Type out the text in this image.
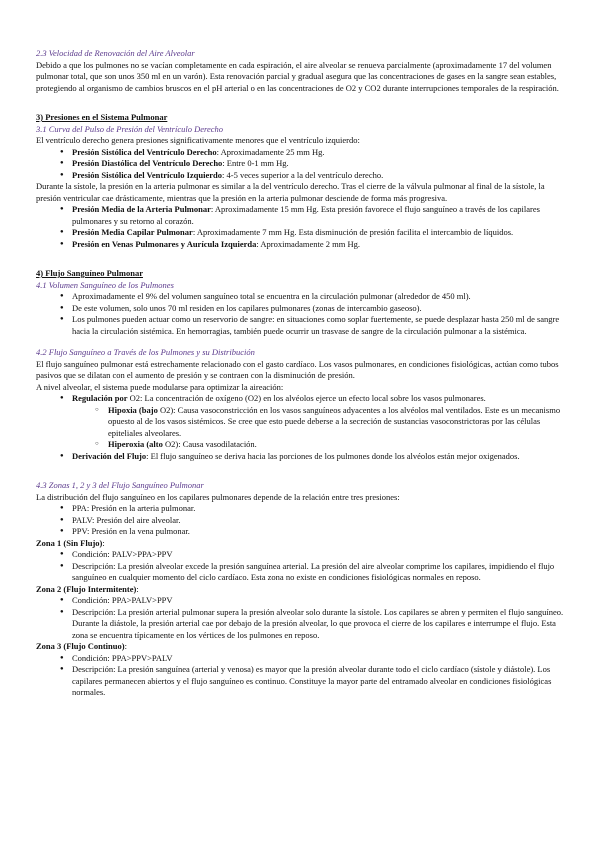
2.3 Velocidad de Renovación del Aire Alveolar

Debido a que los pulmones no se vacían completamente en cada espiración, el aire alveolar se renueva parcialmente (aproximadamente 17 del volumen pulmonar total, que son unos 350 ml en un varón). Esta renovación parcial y gradual asegura que las concentraciones de gases en la sangre sean estables, protegiendo al organismo de cambios bruscos en el pH arterial o en las concentraciones de O2 y CO2 durante interrupciones temporales de la respiración.

3) Presiones en el Sistema Pulmonar

3.1 Curva del Pulso de Presión del Ventrículo Derecho

El ventrículo derecho genera presiones significativamente menores que el ventrículo izquierdo:

● Presión Sistólica del Ventrículo Derecho: Aproximadamente 25 mm Hg.
● Presión Diastólica del Ventrículo Derecho: Entre 0-1 mm Hg.
● Presión Sistólica del Ventrículo Izquierdo: 4-5 veces superior a la del ventrículo derecho.

Durante la sístole, la presión en la arteria pulmonar es similar a la del ventrículo derecho. Tras el cierre de la válvula pulmonar al final de la sístole, la presión ventricular cae drásticamente, mientras que la presión en la arteria pulmonar desciende de forma más progresiva.

● Presión Media de la Arteria Pulmonar: Aproximadamente 15 mm Hg. Esta presión favorece el flujo sanguíneo a través de los capilares pulmonares y su retorno al corazón.
● Presión Media Capilar Pulmonar: Aproximadamente 7 mm Hg. Esta disminución de presión facilita el intercambio de líquidos.
● Presión en Venas Pulmonares y Aurícula Izquierda: Aproximadamente 2 mm Hg.

4) Flujo Sanguíneo Pulmonar

4.1 Volumen Sanguíneo de los Pulmones

● Aproximadamente el 9% del volumen sanguíneo total se encuentra en la circulación pulmonar (alrededor de 450 ml).
● De este volumen, solo unos 70 ml residen en los capilares pulmonares (zonas de intercambio gaseoso).
● Los pulmones pueden actuar como un reservorio de sangre: en situaciones como soplar fuertemente, se puede desplazar hasta 250 ml de sangre hacia la circulación sistémica. En hemorragias, también puede ocurrir un trasvase de sangre de la circulación pulmonar a la sistémica.

4.2 Flujo Sanguíneo a Través de los Pulmones y su Distribución

El flujo sanguíneo pulmonar está estrechamente relacionado con el gasto cardíaco. Los vasos pulmonares, en condiciones fisiológicas, actúan como tubos pasivos que se dilatan con el aumento de presión y se contraen con la disminución de presión.

A nivel alveolar, el sistema puede modularse para optimizar la aireación:

● Regulación por O2: La concentración de oxígeno (O2) en los alvéolos ejerce un efecto local sobre los vasos pulmonares.
○ Hipoxia (bajo O2): Causa vasoconstricción en los vasos sanguíneos adyacentes a los alvéolos mal ventilados. Este es un mecanismo opuesto al de los vasos sistémicos. Se cree que esto puede deberse a la secreción de sustancias vasoconstrictoras por las células epiteliales alveolares.
○ Hiperoxia (alto O2): Causa vasodilatación.
● Derivación del Flujo: El flujo sanguíneo se deriva hacia las porciones de los pulmones donde los alvéolos están mejor oxigenados.

4.3 Zonas 1, 2 y 3 del Flujo Sanguíneo Pulmonar

La distribución del flujo sanguíneo en los capilares pulmonares depende de la relación entre tres presiones:

● PPA: Presión en la arteria pulmonar.
● PALV: Presión del aire alveolar.
● PPV: Presión en la vena pulmonar.

Zona 1 (Sin Flujo):

● Condición: PALV>PPA>PPV
● Descripción: La presión alveolar excede la presión sanguínea arterial. La presión del aire alveolar comprime los capilares, impidiendo el flujo sanguíneo en cualquier momento del ciclo cardíaco. Esta zona no existe en condiciones fisiológicas normales en reposo.

Zona 2 (Flujo Intermitente):

● Condición: PPA>PALV>PPV
● Descripción: La presión arterial pulmonar supera la presión alveolar solo durante la sístole. Los capilares se abren y permiten el flujo sanguíneo. Durante la diástole, la presión arterial cae por debajo de la presión alveolar, lo que provoca el cierre de los capilares e interrumpe el flujo. Esta zona se encuentra típicamente en los vértices de los pulmones en reposo.

Zona 3 (Flujo Continuo):

● Condición: PPA>PPV>PALV
● Descripción: La presión sanguínea (arterial y venosa) es mayor que la presión alveolar durante todo el ciclo cardíaco (sístole y diástole). Los capilares permanecen abiertos y el flujo sanguíneo es continuo. Constituye la mayor parte del entramado alveolar en condiciones fisiológicas normales.
